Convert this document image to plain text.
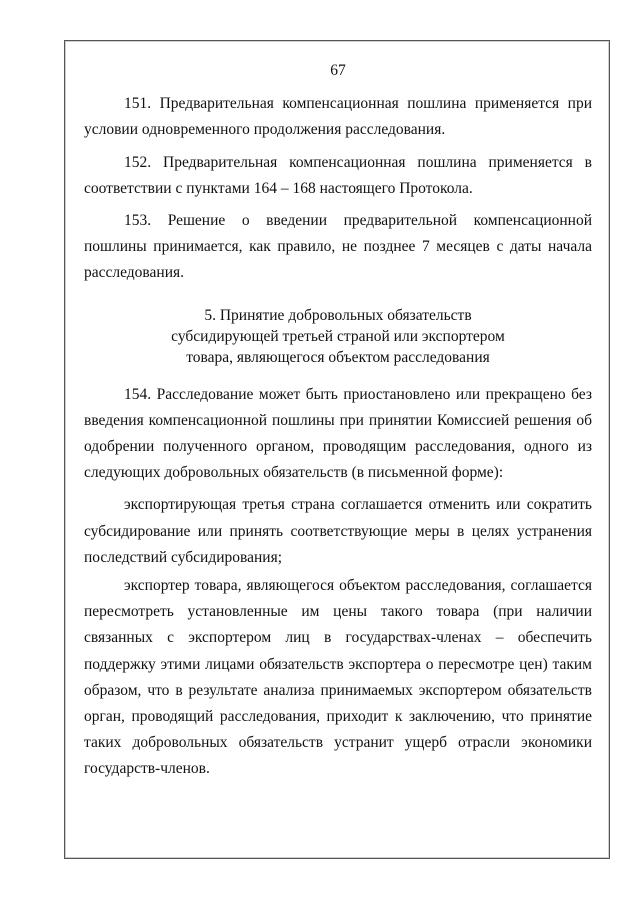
67

151. Предварительная компенсационная пошлина применяется при условии одновременного продолжения расследования.

152. Предварительная компенсационная пошлина применяется в соответствии с пунктами 164 – 168 настоящего Протокола.

153. Решение о введении предварительной компенсационной пошлины принимается, как правило, не позднее 7 месяцев с даты начала расследования.

5. Принятие добровольных обязательств
субсидирующей третьей страной или экспортером
товара, являющегося объектом расследования

154. Расследование может быть приостановлено или прекращено без введения компенсационной пошлины при принятии Комиссией решения об одобрении полученного органом, проводящим расследования, одного из следующих добровольных обязательств (в письменной форме):

экспортирующая третья страна соглашается отменить или сократить субсидирование или принять соответствующие меры в целях устранения последствий субсидирования;

экспортер товара, являющегося объектом расследования, соглашается пересмотреть установленные им цены такого товара (при наличии связанных с экспортером лиц в государствах-членах – обеспечить поддержку этими лицами обязательств экспортера о пересмотре цен) таким образом, что в результате анализа принимаемых экспортером обязательств орган, проводящий расследования, приходит к заключению, что принятие таких добровольных обязательств устранит ущерб отрасли экономики государств-членов.
